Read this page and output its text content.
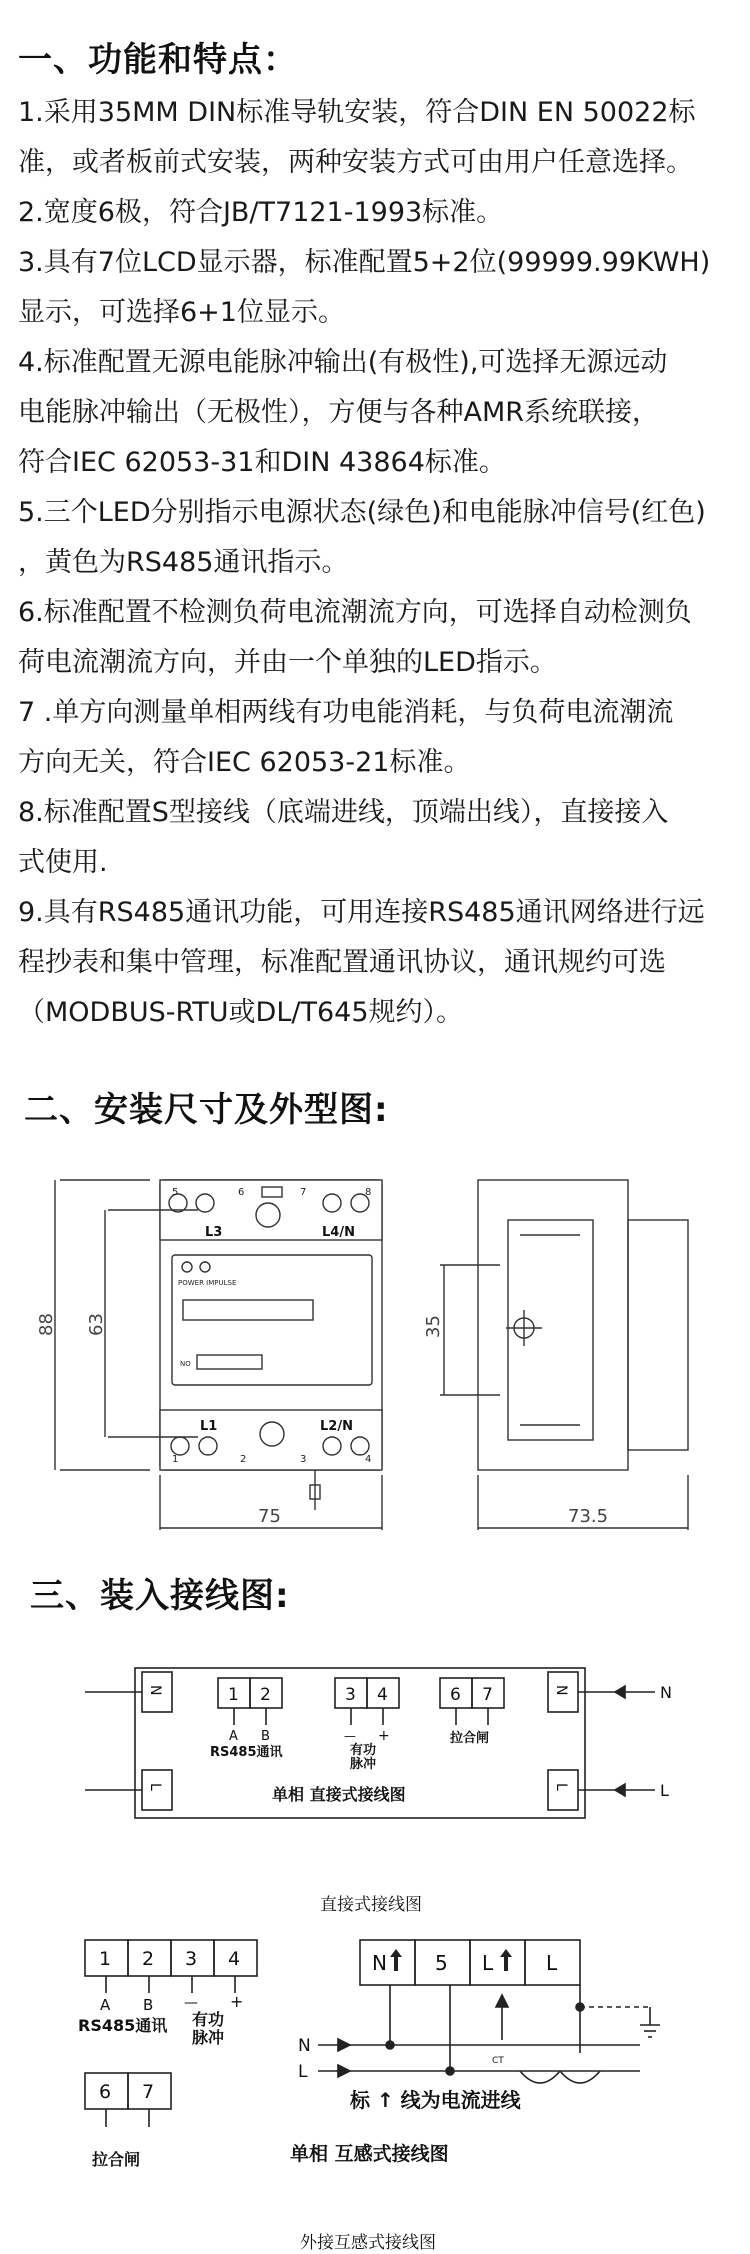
一、功能和特点：
1.采用35MM DIN标准导轨安装，符合DIN EN 50022标
准，或者板前式安装，两种安装方式可由用户任意选择。
2.宽度6极，符合JB/T7121-1993标准。
3.具有7位LCD显示器，标准配置5+2位(99999.99KWH)
显示，可选择6+1位显示。
4.标准配置无源电能脉冲输出(有极性),可选择无源远动
电能脉冲输出（无极性），方便与各种AMR系统联接，
符合IEC 62053-31和DIN 43864标准。
5.三个LED分别指示电源状态(绿色)和电能脉冲信号(红色)
，黄色为RS485通讯指示。
6.标准配置不检测负荷电流潮流方向，可选择自动检测负
荷电流潮流方向，并由一个单独的LED指示。
7 .单方向测量单相两线有功电能消耗，与负荷电流潮流
方向无关，符合IEC 62053-21标准。
8.标准配置S型接线（底端进线，顶端出线），直接接入
式使用.
9.具有RS485通讯功能，可用连接RS485通讯网络进行远
程抄表和集中管理，标准配置通讯协议，通讯规约可选
（MODBUS-RTU或DL/T645规约）。
二、安装尺寸及外型图:
5	6	7	8
1	2	3	4
POWER IMPULSE
NO
L3	L4/N
L1	L2/N
88 63
75
35
73.5
三、装入接线图:
N
L
N
L
N
L
1 2	3 4	6 7
A B
RS485通讯
— +
有功
脉冲
拉合闸
单相 直接式接线图
直接式接线图
1 2 3 4
6 7
A B
RS485通讯
— +
有功
脉冲
拉合闸
N 5 L	L
N
L
CT
标 ↑ 线为电流进线
单相 互感式接线图
外接互感式接线图
